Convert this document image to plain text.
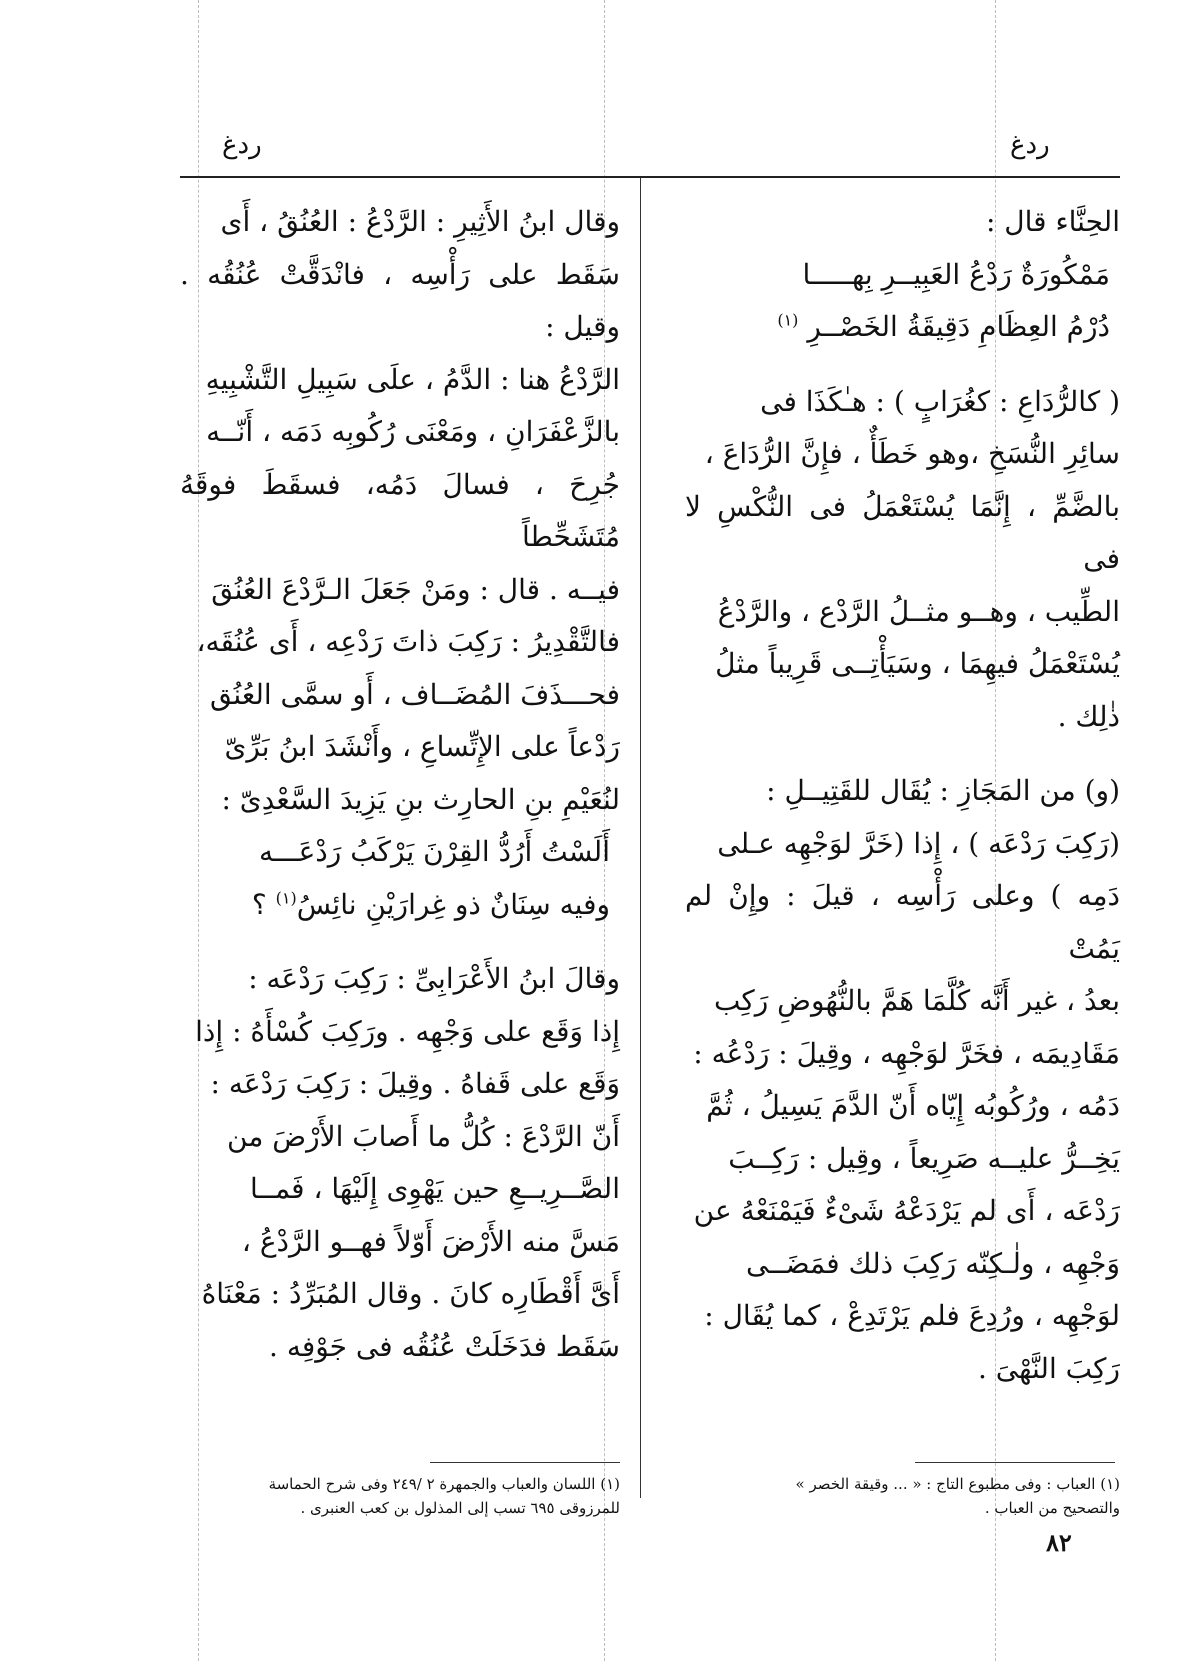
ردغ
ردغ

الحِنَّاء قال :

مَمْكُورَةٌ رَدْعُ العَبِيــرِ بِهـــــا

دُرْمُ العِظَامِ دَقِيقَةُ الخَصْــرِ $^{(١)}$

( كالرُّدَاعِ : كغُرَابٍ ) : هـٰكَذَا فى

سائِرِ النُّسَخِ ،وهو خَطَأٌ ، فإِنَّ الرُّدَاعَ ،

بالضَّمِّ ، إِنَّمَا يُسْتَعْمَلُ فى النُّكْسِ لا فى

الطِّيب ، وهــو مثــلُ الرَّدْع ، والرَّدْعُ

يُسْتَعْمَلُ فيهِمَا ، وسَيَأْتِــى قَرِيباً مثلُ

ذٰلِك .

(و) من المَجَازِ : يُقَال للقَتِيــلِ :

(رَكِبَ رَدْعَه ) ، إِذا (خَرَّ لوَجْهِه عـلى

دَمِه ) وعلى رَأْسِه ، قيلَ : وإِنْ لم يَمُتْ

بعدُ ، غير أَنَّه كُلَّمَا هَمَّ بالنُّهُوضِ رَكِب

مَقَادِيمَه ، فخَرَّ لوَجْهِه ، وقِيلَ : رَدْعُه :

دَمُه ، ورُكُوبُه إِيّاه أَنّ الدَّمَ يَسِيلُ ، ثُمَّ

يَخِــرُّ عليــه صَرِيعاً ، وقِيل : رَكِــبَ

رَدْعَه ، أَى لم يَرْدَعْهُ شَىْءٌ فَيَمْنَعْهُ عن

وَجْهِه ، ولٰـكِنّه رَكِبَ ذلك فمَضَــى

لوَجْهِه ، ورُدِعَ فلم يَرْتَدِعْ ، كما يُقَال :

رَكِبَ النَّهْىَ .

وقال ابنُ الأَثِيرِ : الرَّدْعُ : العُنُقُ ، أَى

سَقَط على رَأْسِه ، فانْدَقَّتْ عُنُقُه . وقيل :

الرَّدْعُ هنا : الدَّمُ ، علَى سَبِيلِ التَّشْبِيهِ

بالزَّعْفَرَانِ ، ومَعْنَى رُكُوبِه دَمَه ، أَنّــه

جُرِحَ ، فسالَ دَمُه، فسقَطَ فوقَهُ مُتَشَحِّطاً

فيــه . قال : ومَنْ جَعَلَ الـرَّدْعَ العُنُقَ

فالتَّقْدِيرُ : رَكِبَ ذاتَ رَدْعِه ، أَى عُنُقَه،

فحـــذَفَ المُضَــاف ، أَو سمَّى العُنُق

رَدْعاً على الإِتِّساعِ ، وأَنْشَدَ ابنُ بَرِّىّ

لنُعَيْمِ بنِ الحارِث بنِ يَزِيدَ السَّعْدِىّ :

أَلَسْتُ أَرُدُّ القِرْنَ يَرْكَبُ رَدْعَـــه

وفيه سِنَانٌ ذو غِرارَيْنِ نائِسُ$^{(١)}$ ؟

وقالَ ابنُ الأَعْرَابِىِّ : رَكِبَ رَدْعَه :

إِذا وَقَع على وَجْهِه . ورَكِبَ كُسْأَهُ : إِذا

وَقَع على قَفاهُ . وقِيلَ : رَكِبَ رَدْعَه :

أَنّ الرَّدْعَ : كُلُّ ما أَصابَ الأَرْضَ من

الصَّــرِيــعِ حين يَهْوِى إِلَيْهَا ، فَمــا

مَسَّ منه الأَرْضَ أَوّلاً فهــو الرَّدْعُ ،

أَىَّ أَقْطَارِه كانَ . وقال المُبَرِّدُ : مَعْنَاهُ

سَقَط فدَخَلَتْ عُنُقُه فى جَوْفِه .

(١) العباب : وفى مطبوع التاج : « ... وقيقة الخصر »
والتصحيح من العباب .
(١) اللسان والعباب والجمهرة ٢ /٢٤٩ وفى شرح الحماسة
للمرزوقى ٦٩٥ تسب إلى المذلول بن كعب العنبرى .
٨٢
